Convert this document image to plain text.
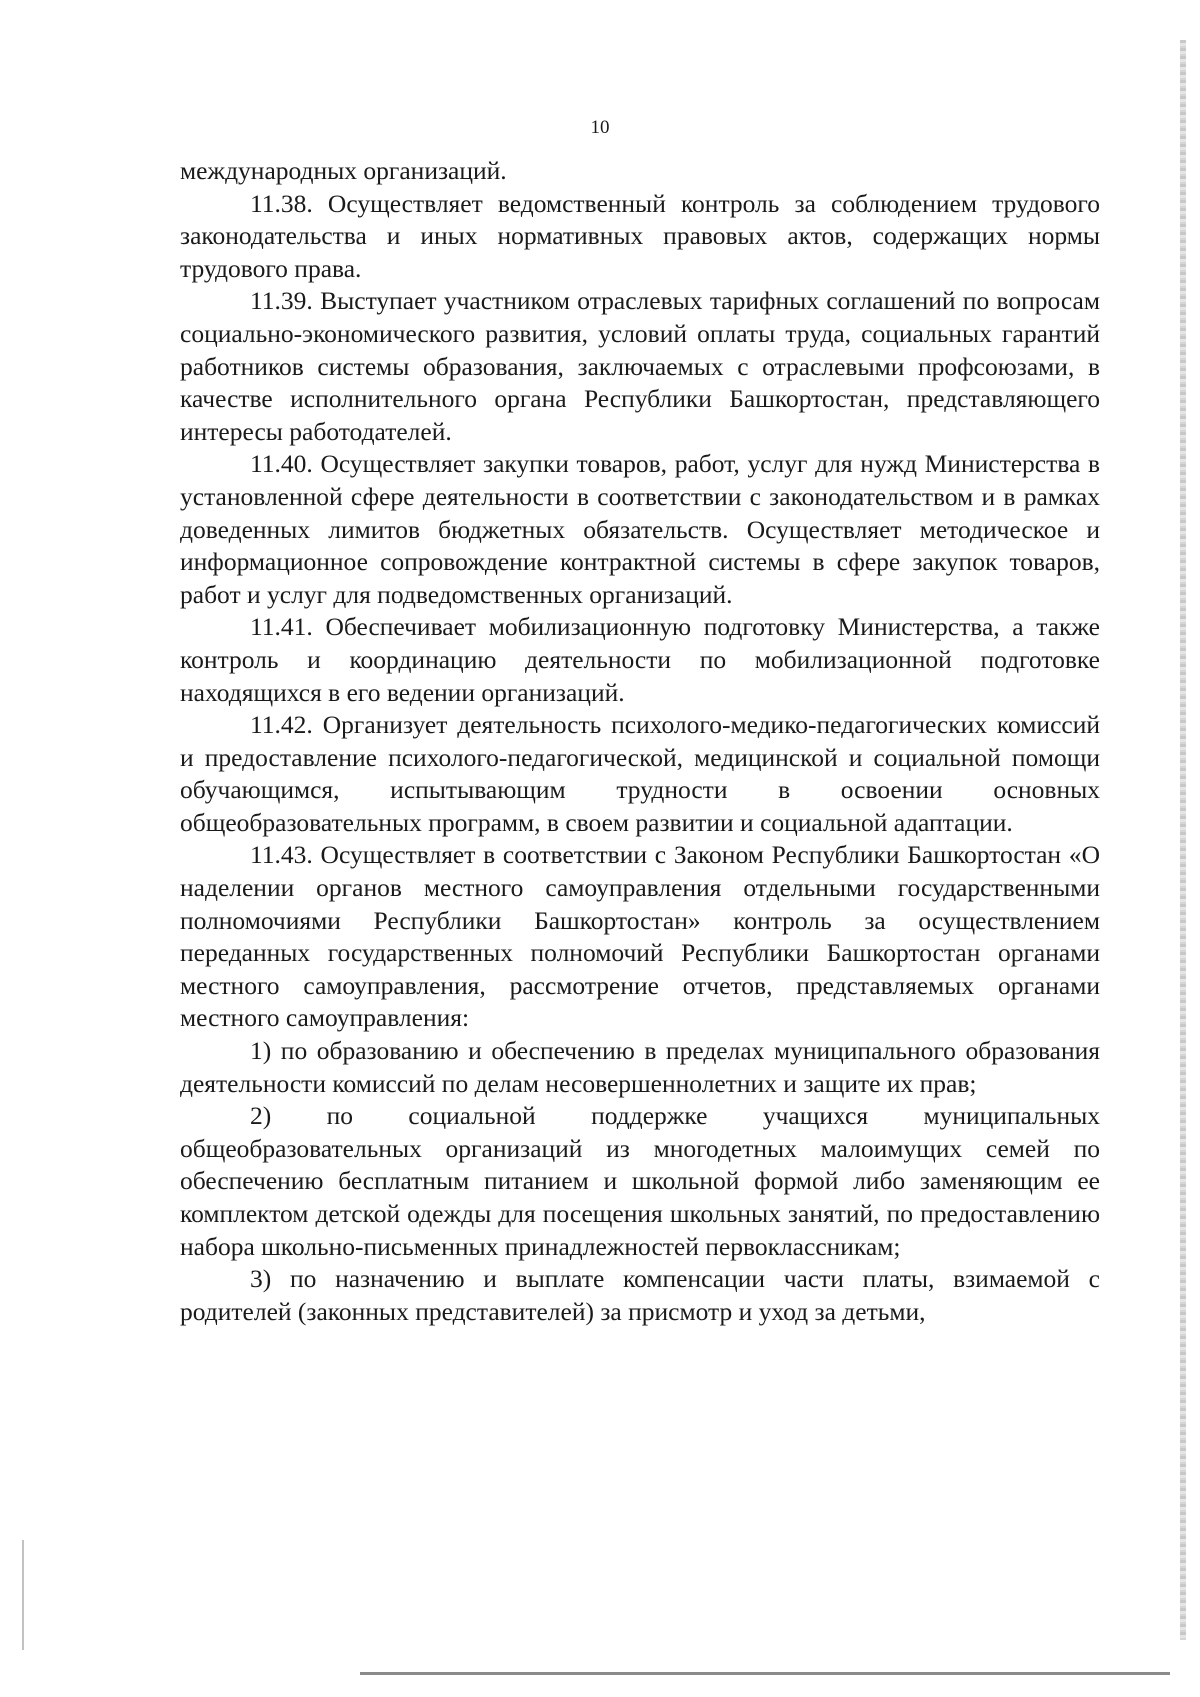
10

международных организаций.

11.38. Осуществляет ведомственный контроль за соблюдением трудового законодательства и иных нормативных правовых актов, содержащих нормы трудового права.

11.39. Выступает участником отраслевых тарифных соглашений по вопросам социально-экономического развития, условий оплаты труда, социальных гарантий работников системы образования, заключаемых с отраслевыми профсоюзами, в качестве исполнительного органа Республики Башкортостан, представляющего интересы работодателей.

11.40. Осуществляет закупки товаров, работ, услуг для нужд Министерства в установленной сфере деятельности в соответствии с законодательством и в рамках доведенных лимитов бюджетных обязательств. Осуществляет методическое и информационное сопровождение контрактной системы в сфере закупок товаров, работ и услуг для подведомственных организаций.

11.41. Обеспечивает мобилизационную подготовку Министерства, а также контроль и координацию деятельности по мобилизационной подготовке находящихся в его ведении организаций.

11.42. Организует деятельность психолого-медико-педагогических комиссий и предоставление психолого-педагогической, медицинской и социальной помощи обучающимся, испытывающим трудности в освоении основных общеобразовательных программ, в своем развитии и социальной адаптации.

11.43. Осуществляет в соответствии с Законом Республики Башкортостан «О наделении органов местного самоуправления отдельными государственными полномочиями Республики Башкортостан» контроль за осуществлением переданных государственных полномочий Республики Башкортостан органами местного самоуправления, рассмотрение отчетов, представляемых органами местного самоуправления:

1) по образованию и обеспечению в пределах муниципального образования деятельности комиссий по делам несовершеннолетних и защите их прав;

2) по социальной поддержке учащихся муниципальных общеобразовательных организаций из многодетных малоимущих семей по обеспечению бесплатным питанием и школьной формой либо заменяющим ее комплектом детской одежды для посещения школьных занятий, по предоставлению набора школьно-письменных принадлежностей первоклассникам;

3) по назначению и выплате компенсации части платы, взимаемой с родителей (законных представителей) за присмотр и уход за детьми,
